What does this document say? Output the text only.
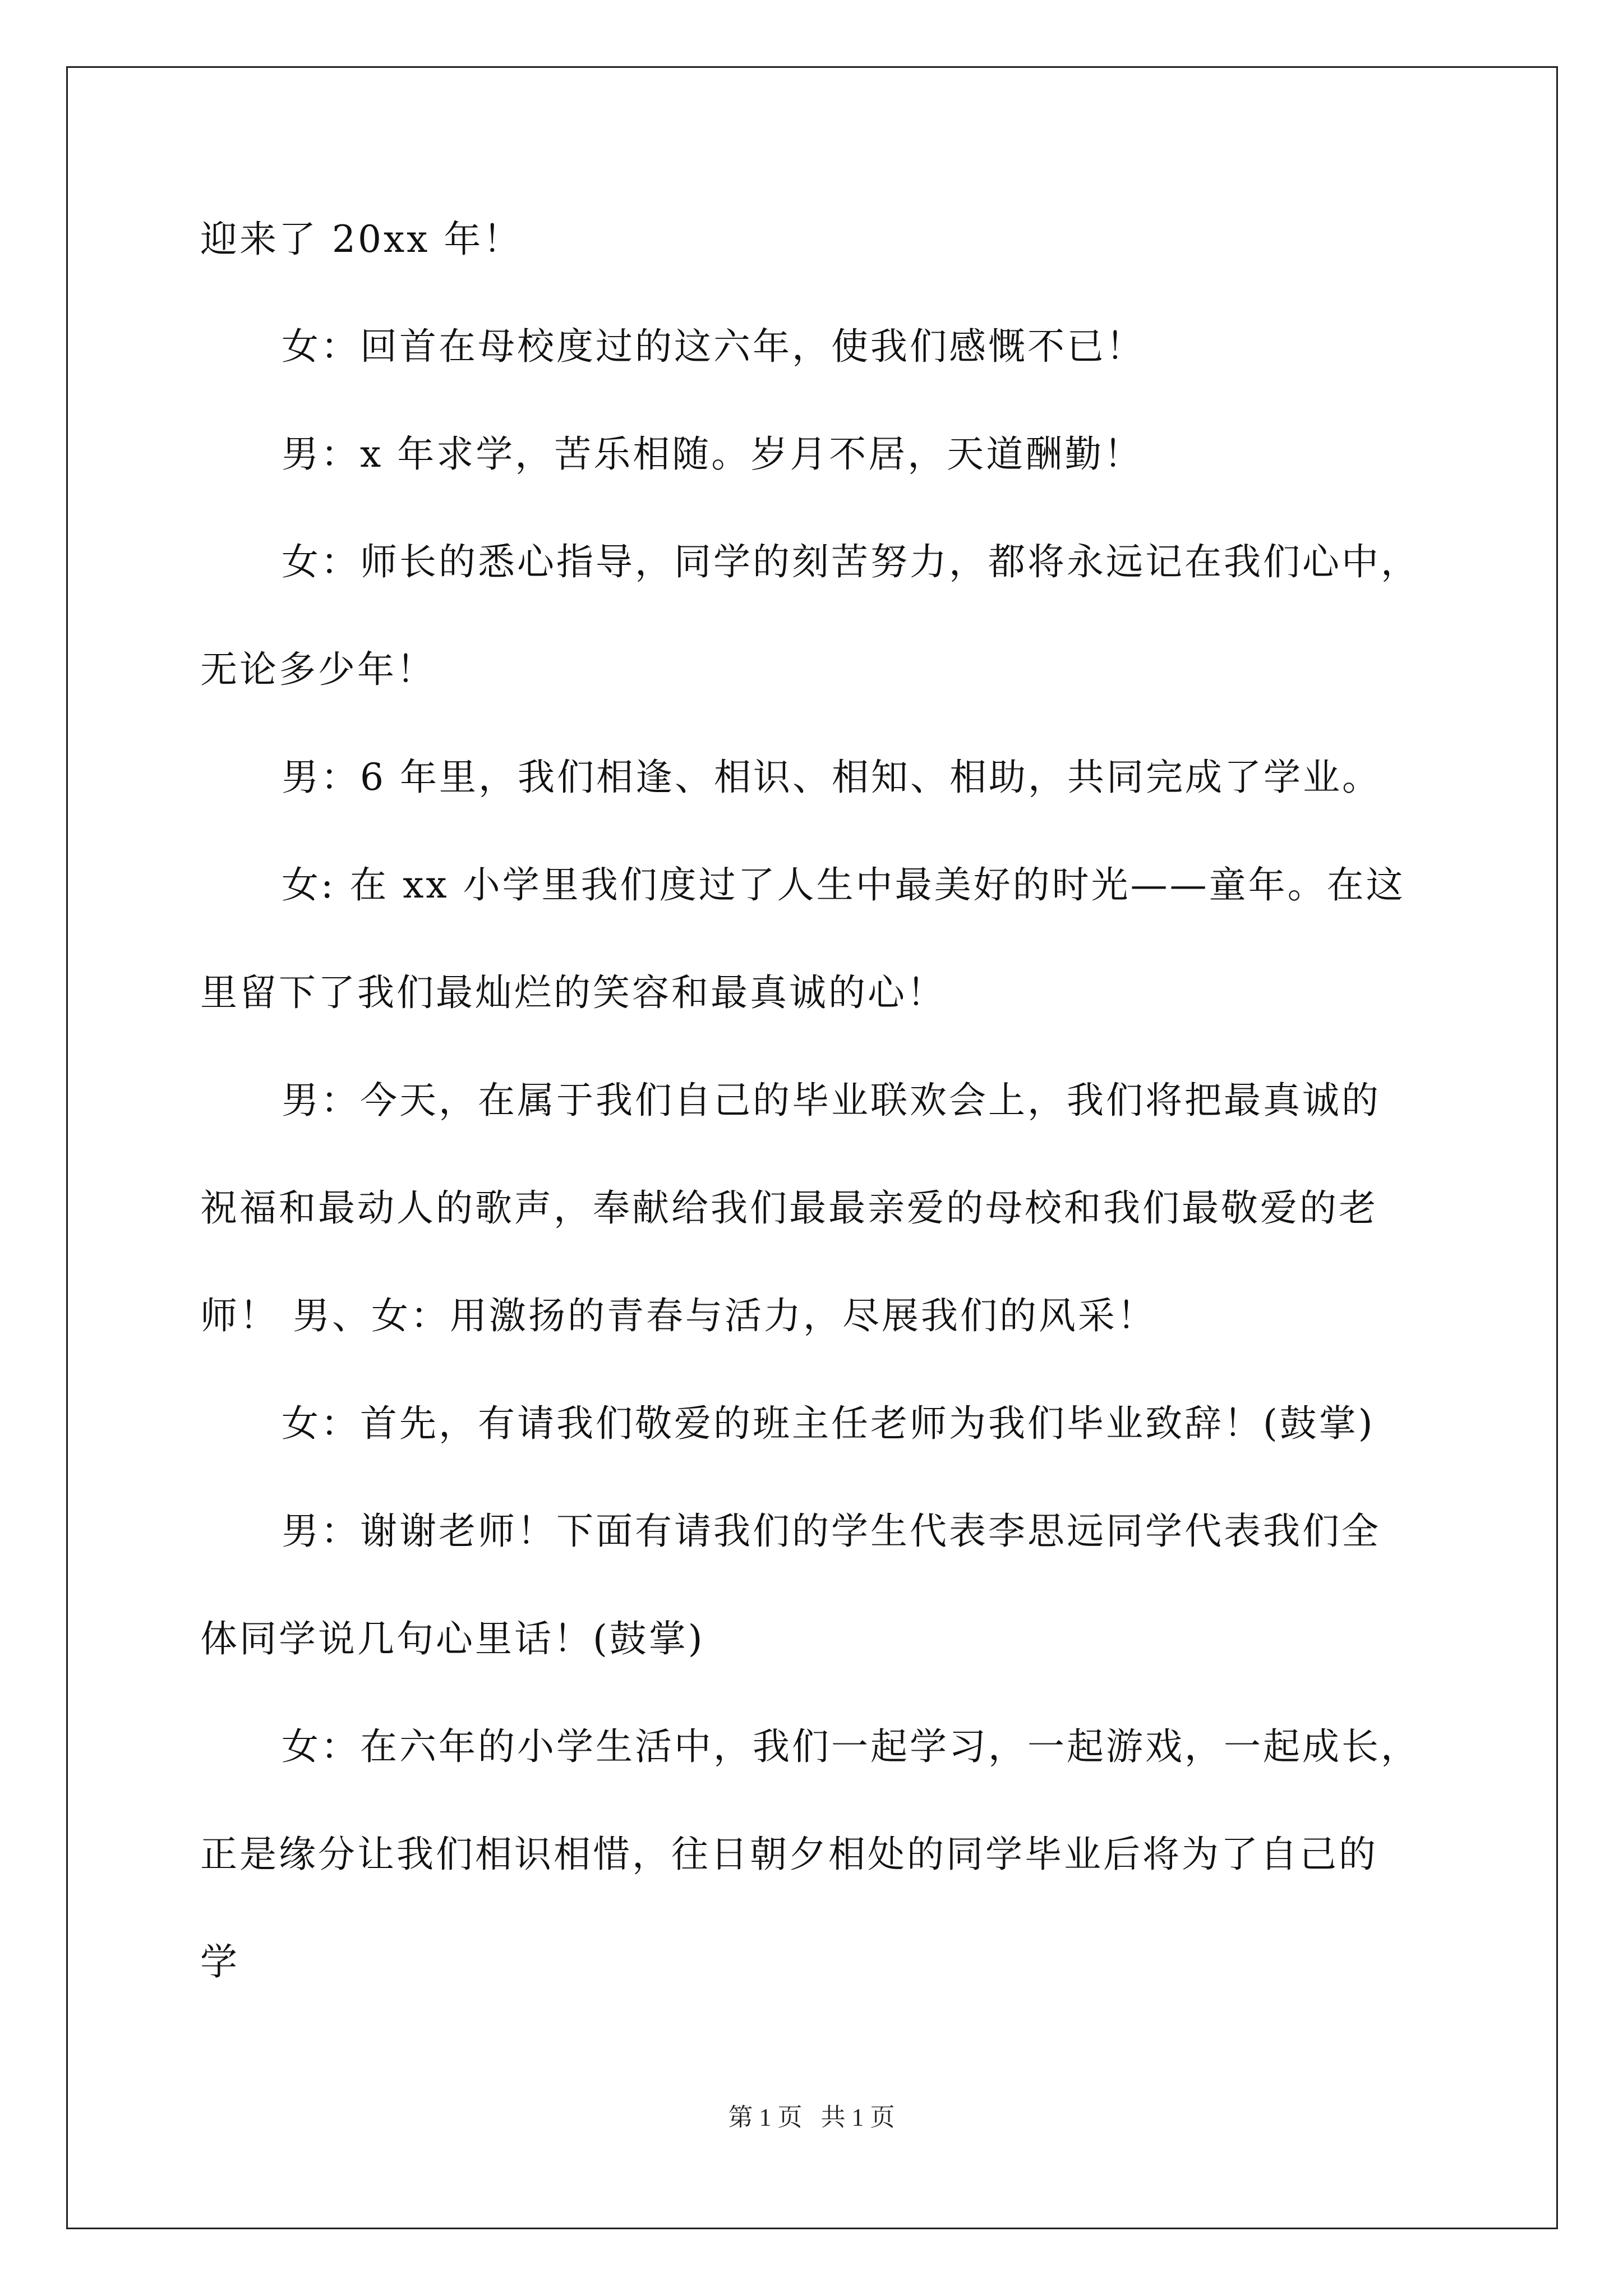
迎来了 20xx 年！
女：回首在母校度过的这六年，使我们感慨不已！
男：x 年求学，苦乐相随。岁月不居，天道酬勤！
女：师长的悉心指导，同学的刻苦努力，都将永远记在我们心中，
无论多少年！
男：6 年里，我们相逢、相识、相知、相助，共同完成了学业。
女: 在 xx 小学里我们度过了人生中最美好的时光——童年。在这
里留下了我们最灿烂的笑容和最真诚的心！
男：今天，在属于我们自己的毕业联欢会上，我们将把最真诚的
祝福和最动人的歌声，奉献给我们最最亲爱的母校和我们最敬爱的老
师！ 男、女：用激扬的青春与活力，尽展我们的风采！
女：首先，有请我们敬爱的班主任老师为我们毕业致辞！(鼓掌)
男：谢谢老师！下面有请我们的学生代表李思远同学代表我们全
体同学说几句心里话！(鼓掌)
女：在六年的小学生活中，我们一起学习，一起游戏，一起成长，
正是缘分让我们相识相惜，往日朝夕相处的同学毕业后将为了自己的
学
第 1 页   共 1 页
